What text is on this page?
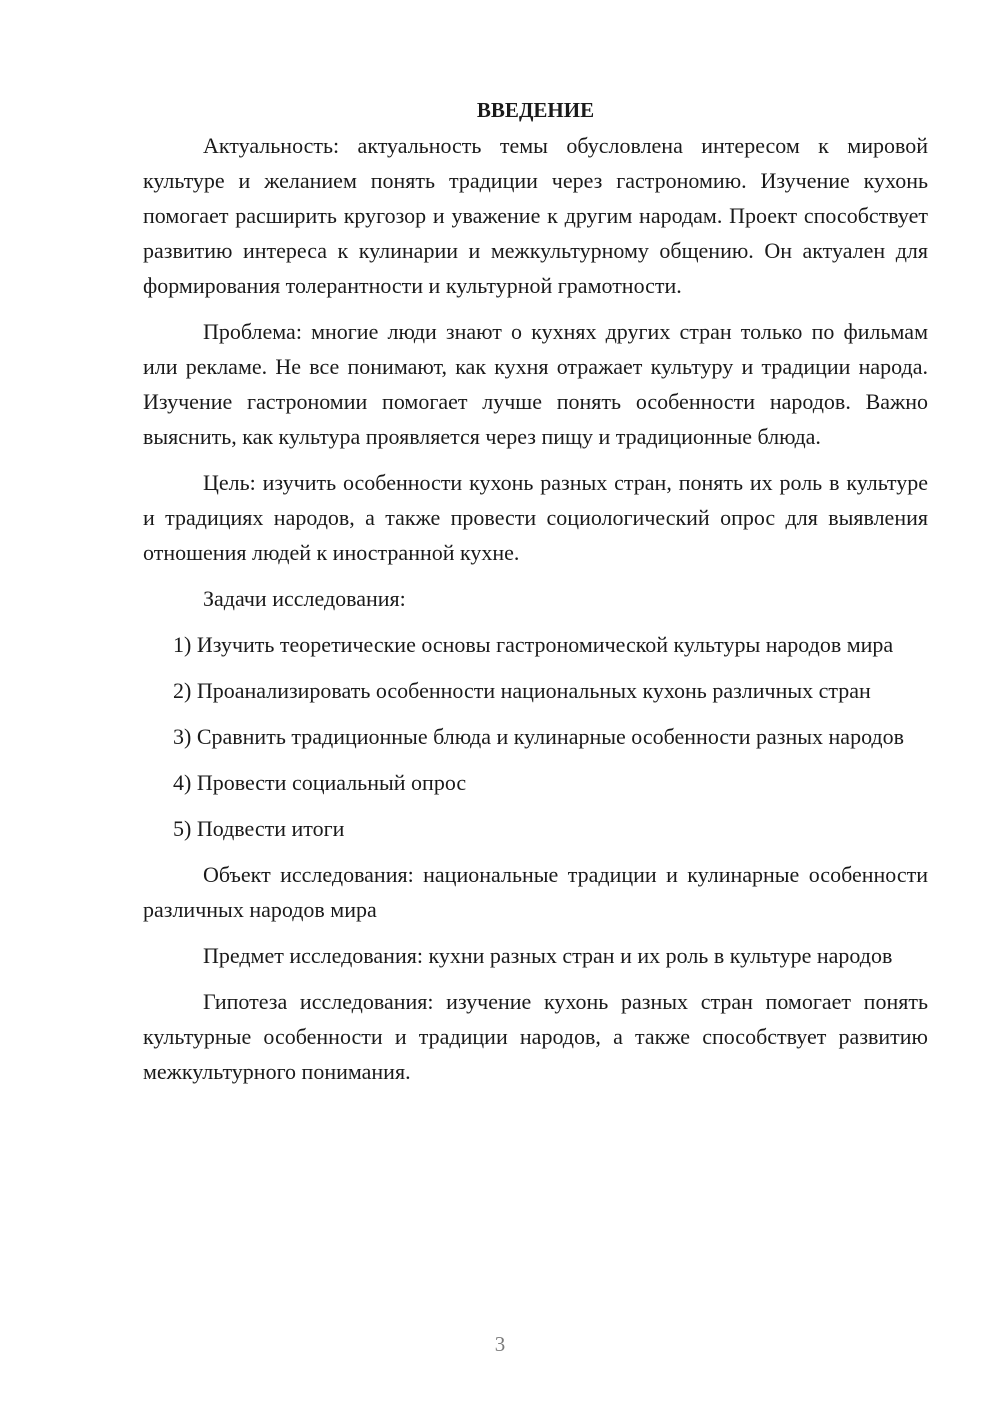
ВВЕДЕНИЕ

Актуальность: актуальность темы обусловлена интересом к мировой культуре и желанием понять традиции через гастрономию. Изучение кухонь помогает расширить кругозор и уважение к другим народам. Проект способствует развитию интереса к кулинарии и межкультурному общению. Он актуален для формирования толерантности и культурной грамотности.

Проблема: многие люди знают о кухнях других стран только по фильмам или рекламе. Не все понимают, как кухня отражает культуру и традиции народа. Изучение гастрономии помогает лучше понять особенности народов. Важно выяснить, как культура проявляется через пищу и традиционные блюда.

Цель: изучить особенности кухонь разных стран, понять их роль в культуре и традициях народов, а также провести социологический опрос для выявления отношения людей к иностранной кухне.

Задачи исследования:

1) Изучить теоретические основы гастрономической культуры народов мира

2) Проанализировать особенности национальных кухонь различных стран

3) Сравнить традиционные блюда и кулинарные особенности разных народов

4) Провести социальный опрос

5) Подвести итоги

Объект исследования: национальные традиции и кулинарные особенности различных народов мира

Предмет исследования: кухни разных стран и их роль в культуре народов

Гипотеза исследования: изучение кухонь разных стран помогает понять культурные особенности и традиции народов, а также способствует развитию межкультурного понимания.

3
